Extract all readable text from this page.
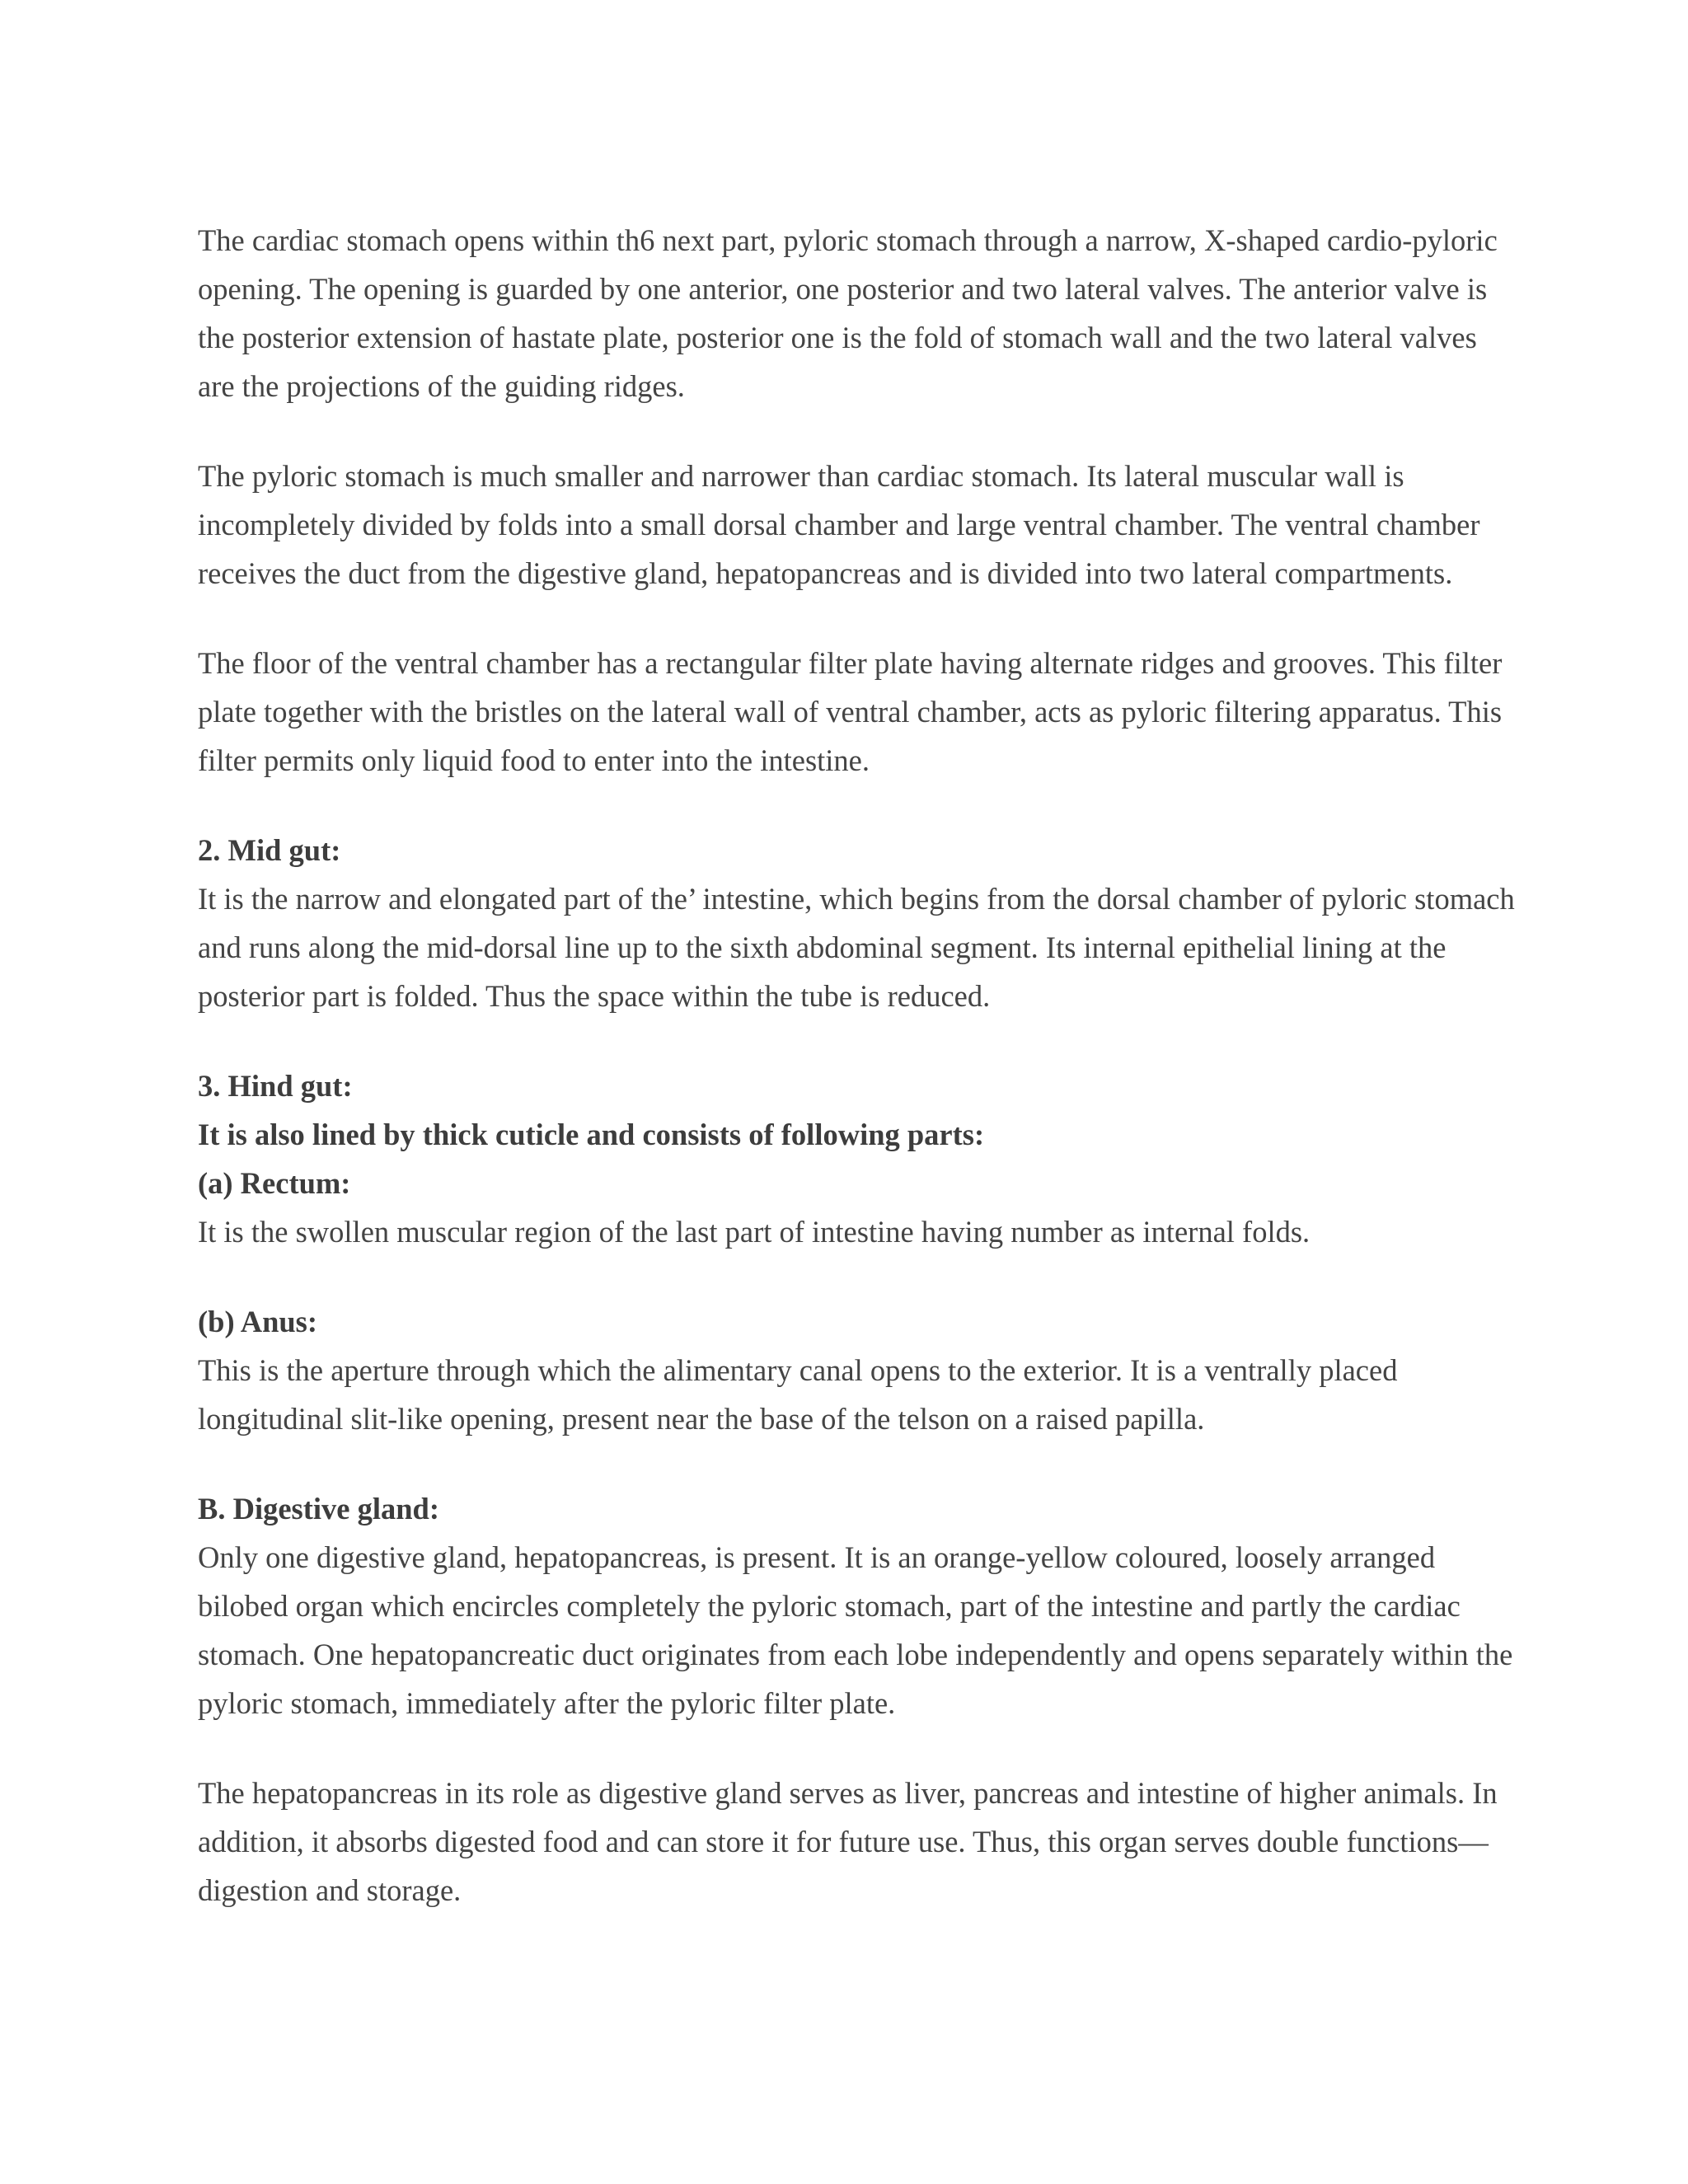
The cardiac stomach opens within th6 next part, pyloric stomach through a narrow, X-shaped cardio-pyloric opening. The opening is guarded by one anterior, one posterior and two lateral valves. The anterior valve is the posterior extension of hastate plate, posterior one is the fold of stomach wall and the two lateral valves are the projections of the guiding ridges.

The pyloric stomach is much smaller and narrower than cardiac stomach. Its lateral muscular wall is incompletely divided by folds into a small dorsal chamber and large ventral chamber. The ventral chamber receives the duct from the digestive gland, hepatopancreas and is divided into two lateral compartments.

The floor of the ventral chamber has a rectangular filter plate having alternate ridges and grooves. This filter plate together with the bristles on the lateral wall of ventral chamber, acts as pyloric filtering apparatus. This filter permits only liquid food to enter into the intestine.

2. Mid gut:

It is the narrow and elongated part of the’ intestine, which begins from the dorsal chamber of pyloric stomach and runs along the mid-dorsal line up to the sixth abdominal segment. Its internal epithelial lining at the posterior part is folded. Thus the space within the tube is reduced.

3. Hind gut:

It is also lined by thick cuticle and consists of following parts:

(a) Rectum:

It is the swollen muscular region of the last part of intestine having number as internal folds.

(b) Anus:

This is the aperture through which the alimentary canal opens to the exterior. It is a ventrally placed longitudinal slit-like opening, present near the base of the telson on a raised papilla.

B. Digestive gland:

Only one digestive gland, hepatopancreas, is present. It is an orange-yellow coloured, loosely arranged bilobed organ which encircles completely the pyloric stomach, part of the intestine and partly the cardiac stomach. One hepatopancreatic duct originates from each lobe independently and opens separately within the pyloric stomach, immediately after the pyloric filter plate.

The hepatopancreas in its role as digestive gland serves as liver, pancreas and intestine of higher animals. In addition, it absorbs digested food and can store it for future use. Thus, this organ serves double functions—digestion and storage.
